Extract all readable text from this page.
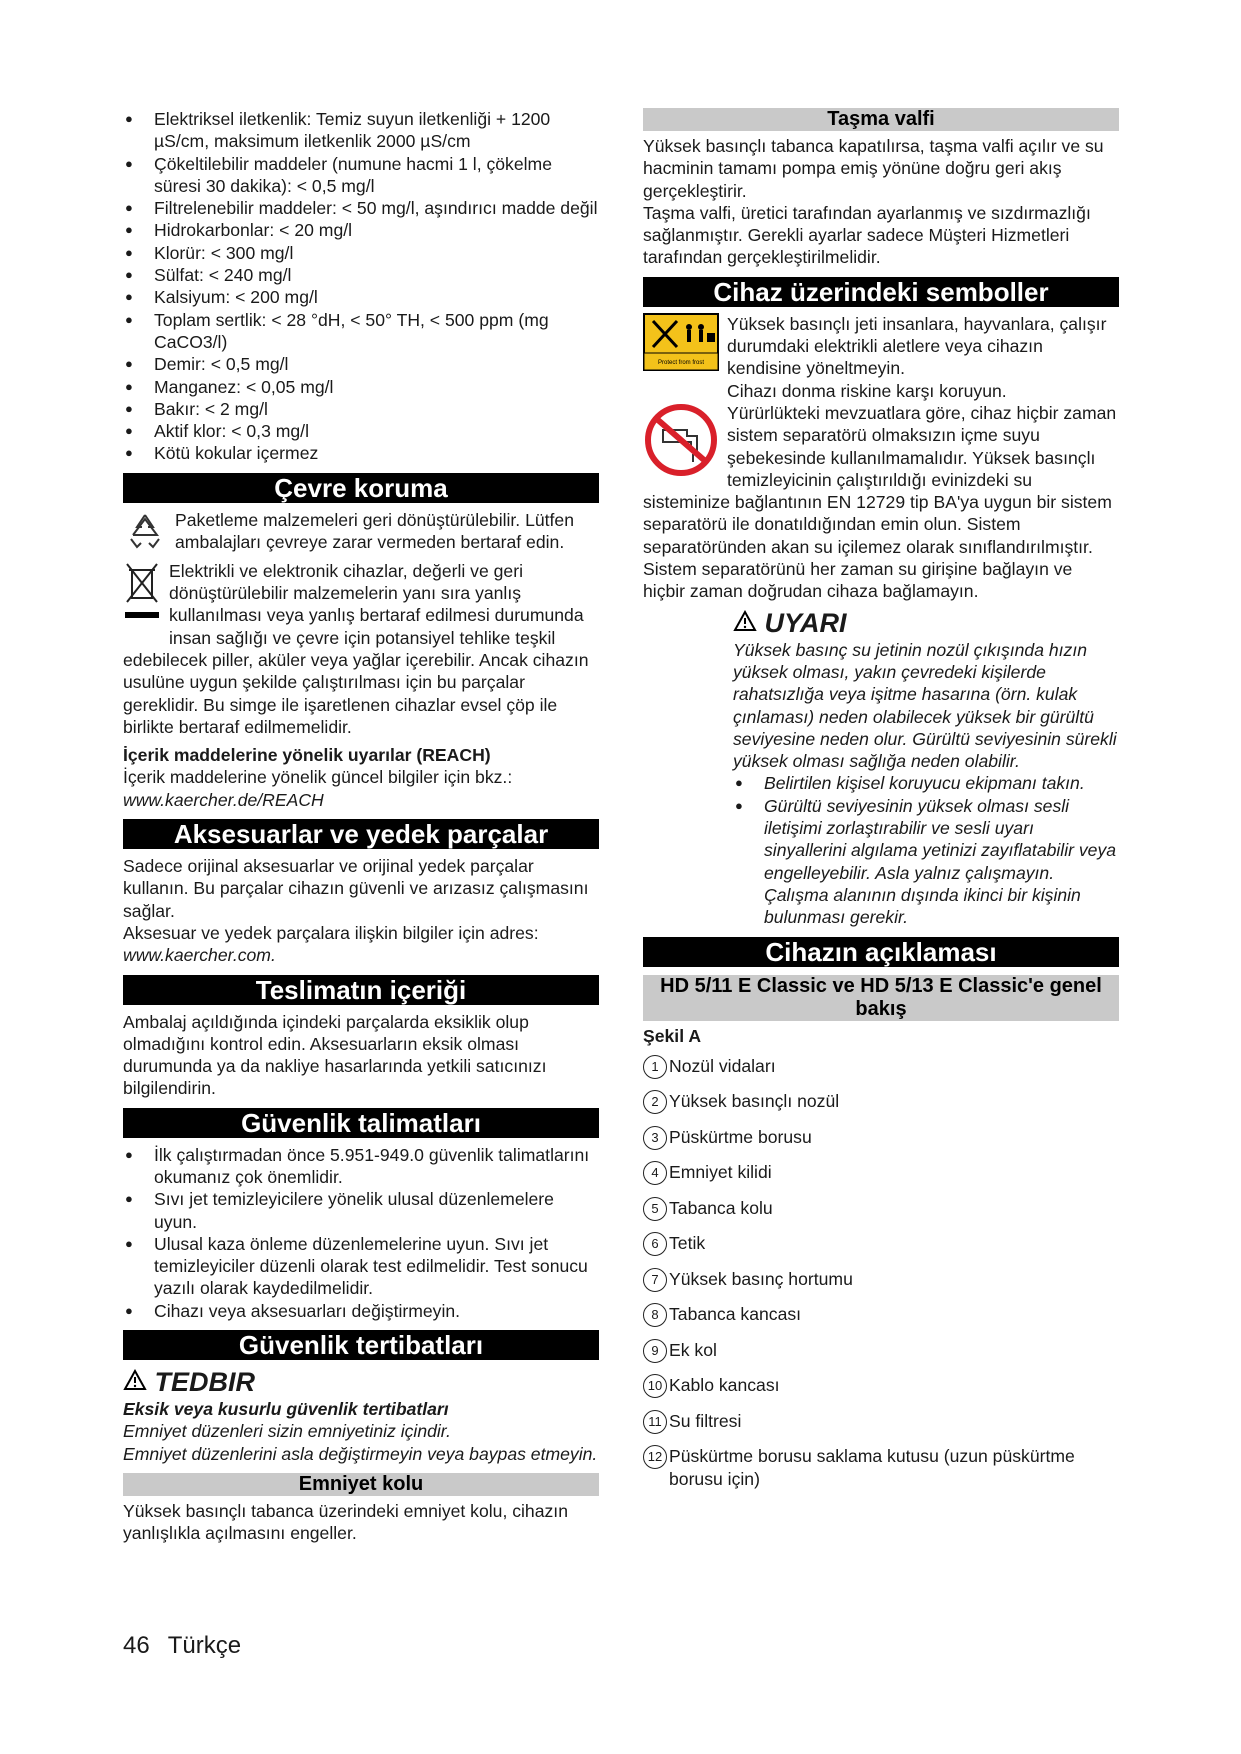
● Elektriksel iletkenlik: Temiz suyun iletkenliği + 1200 µS/cm, maksimum iletkenlik 2000 µS/cm
● Çökeltilebilir maddeler (numune hacmi 1 l, çökelme süresi 30 dakika): < 0,5 mg/l
● Filtrelenebilir maddeler: < 50 mg/l, aşındırıcı madde değil
● Hidrokarbonlar: < 20 mg/l
● Klorür: < 300 mg/l
● Sülfat: < 240 mg/l
● Kalsiyum: < 200 mg/l
● Toplam sertlik: < 28 °dH, < 50° TH, < 500 ppm (mg CaCO3/l)
● Demir: < 0,5 mg/l
● Manganez: < 0,05 mg/l
● Bakır: < 2 mg/l
● Aktif klor: < 0,3 mg/l
● Kötü kokular içermez
Çevre koruma

Paketleme malzemeleri geri dönüştürülebilir. Lütfen ambalajları çevreye zarar vermeden bertaraf edin.

Elektrikli ve elektronik cihazlar, değerli ve geri dönüştürülebilir malzemelerin yanı sıra yanlış kullanılması veya yanlış bertaraf edilmesi durumunda insan sağlığı ve çevre için potansiyel tehlike teşkil edebilecek piller, aküler veya yağlar içerebilir. Ancak cihazın usulüne uygun şekilde çalıştırılması için bu parçalar gereklidir. Bu simge ile işaretlenen cihazlar evsel çöp ile birlikte bertaraf edilmemelidir.

İçerik maddelerine yönelik uyarılar (REACH)

İçerik maddelerine yönelik güncel bilgiler için bkz.:

www.kaercher.de/REACH

Aksesuarlar ve yedek parçalar

Sadece orijinal aksesuarlar ve orijinal yedek parçalar kullanın. Bu parçalar cihazın güvenli ve arızasız çalışmasını sağlar.

Aksesuar ve yedek parçalara ilişkin bilgiler için adres:

www.kaercher.com.

Teslimatın içeriği

Ambalaj açıldığında içindeki parçalarda eksiklik olup olmadığını kontrol edin. Aksesuarların eksik olması durumunda ya da nakliye hasarlarında yetkili satıcınızı bilgilendirin.

Güvenlik talimatları
● İlk çalıştırmadan önce 5.951-949.0 güvenlik talimatlarını okumanız çok önemlidir.
● Sıvı jet temizleyicilere yönelik ulusal düzenlemelere uyun.
● Ulusal kaza önleme düzenlemelerine uyun. Sıvı jet temizleyiciler düzenli olarak test edilmelidir. Test sonucu yazılı olarak kaydedilmelidir.
● Cihazı veya aksesuarları değiştirmeyin.
Güvenlik tertibatları
TEDBIR

Eksik veya kusurlu güvenlik tertibatları

Emniyet düzenleri sizin emniyetiniz içindir.

Emniyet düzenlerini asla değiştirmeyin veya baypas etmeyin.

Emniyet kolu

Yüksek basınçlı tabanca üzerindeki emniyet kolu, cihazın yanlışlıkla açılmasını engeller.

Taşma valfi

Yüksek basınçlı tabanca kapatılırsa, taşma valfi açılır ve su hacminin tamamı pompa emiş yönüne doğru geri akış gerçekleştirir.

Taşma valfi, üretici tarafından ayarlanmış ve sızdırmazlığı sağlanmıştır. Gerekli ayarlar sadece Müşteri Hizmetleri tarafından gerçekleştirilmelidir.

Cihaz üzerindeki semboller
Protect from frost

Yüksek basınçlı jeti insanlara, hayvanlara, çalışır durumdaki elektrikli aletlere veya cihazın kendisine yöneltmeyin.

Cihazı donma riskine karşı koruyun.

Yürürlükteki mevzuatlara göre, cihaz hiçbir zaman sistem separatörü olmaksızın içme suyu şebekesinde kullanılmamalıdır. Yüksek basınçlı temizleyicinin çalıştırıldığı evinizdeki su sisteminize bağlantının EN 12729 tip BA'ya uygun bir sistem separatörü ile donatıldığından emin olun. Sistem separatöründen akan su içilemez olarak sınıflandırılmıştır. Sistem separatörünü her zaman su girişine bağlayın ve hiçbir zaman doğrudan cihaza bağlamayın.

UYARI

Yüksek basınç su jetinin nozül çıkışında hızın yüksek olması, yakın çevredeki kişilerde rahatsızlığa veya işitme hasarına (örn. kulak çınlaması) neden olabilecek yüksek bir gürültü seviyesine neden olur. Gürültü seviyesinin sürekli yüksek olması sağlığa neden olabilir.

● Belirtilen kişisel koruyucu ekipmanı takın.
● Gürültü seviyesinin yüksek olması sesli iletişimi zorlaştırabilir ve sesli uyarı sinyallerini algılama yetinizi zayıflatabilir veya engelleyebilir. Asla yalnız çalışmayın. Çalışma alanının dışında ikinci bir kişinin bulunması gerekir.
Cihazın açıklaması
HD 5/11 E Classic ve HD 5/13 E Classic'e genel bakış

Şekil A

1 Nozül vidaları

2 Yüksek basınçlı nozül

3 Püskürtme borusu

4 Emniyet kilidi

5 Tabanca kolu

6 Tetik

7 Yüksek basınç hortumu

8 Tabanca kancası

9 Ek kol

10 Kablo kancası

11 Su filtresi

12 Püskürtme borusu saklama kutusu (uzun püskürtme borusu için)

46 Türkçe
